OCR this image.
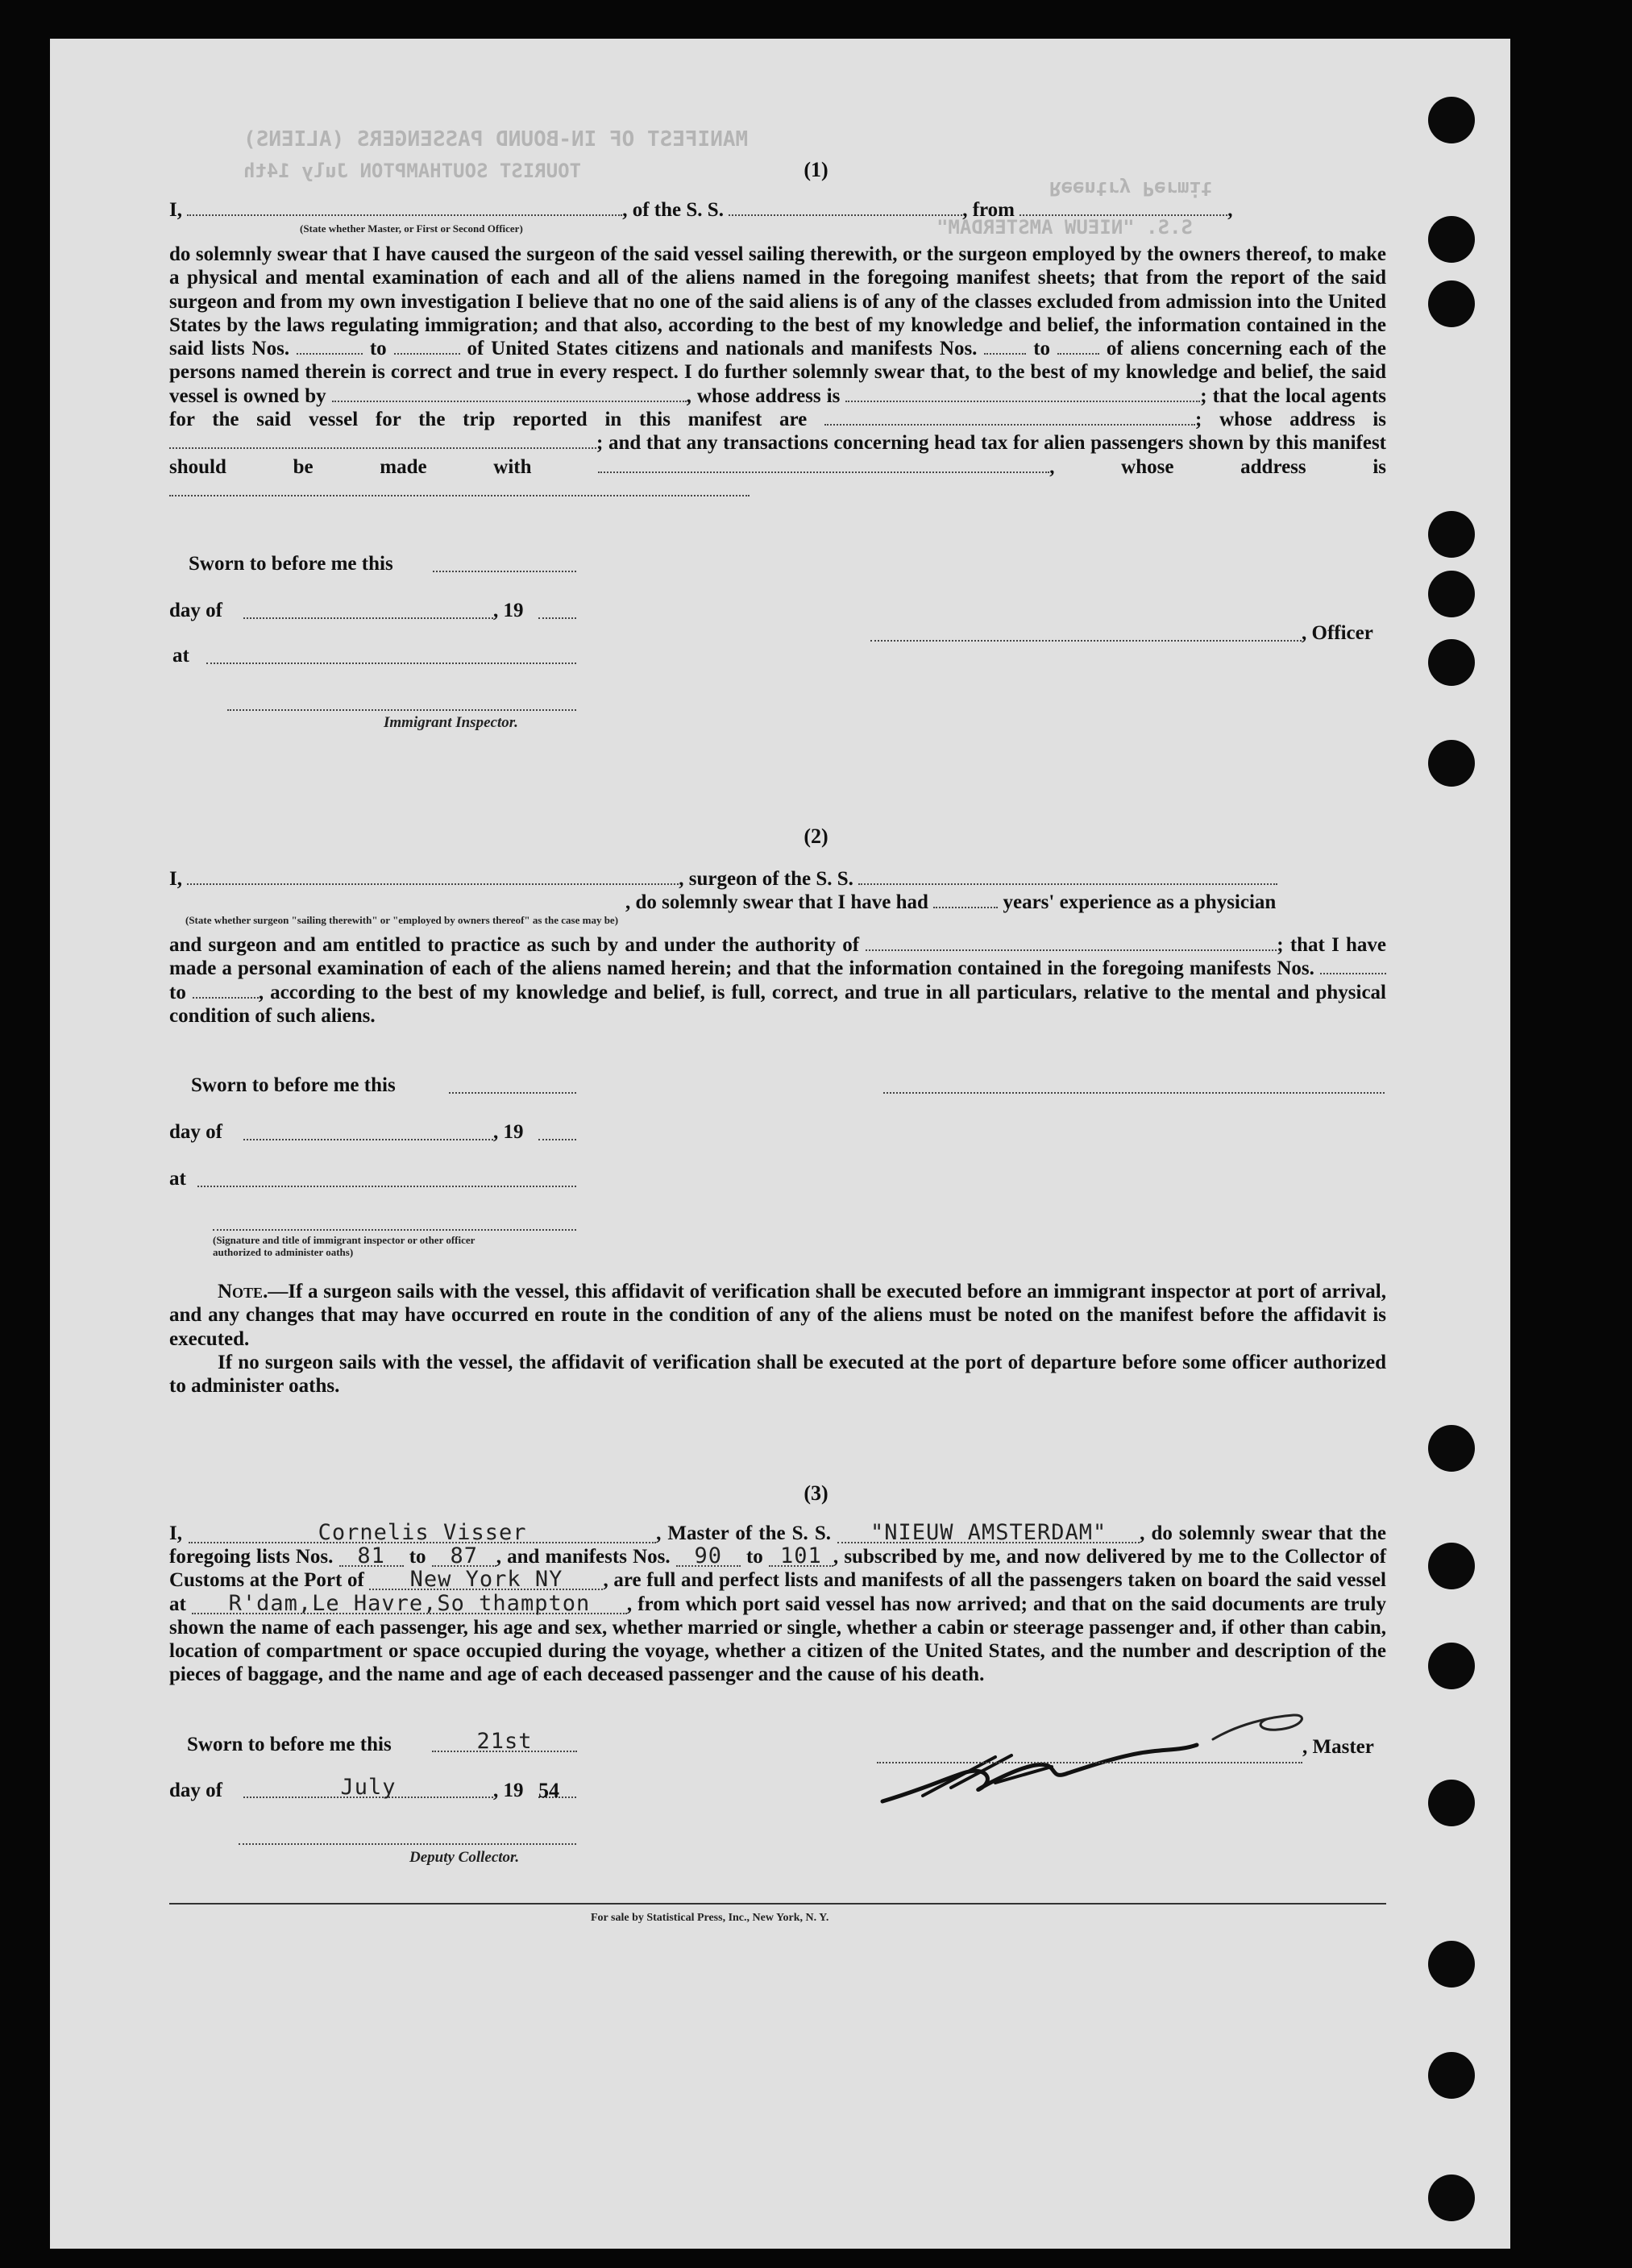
MANIFEST OF IN-BOUND PASSENGERS (ALIENS)
TOURIST SOUTHAMPTON July 14th
Reentry Permit
S.S. "NIEUW AMSTERDAM"
(1)
I,	, of the S. S.	, from	,
(State whether Master, or First or Second Officer)
do solemnly swear that I have caused the surgeon of the said vessel sailing therewith, or the surgeon employed by the owners thereof, to make a physical and mental examination of each and all of the aliens named in the foregoing manifest sheets; that from the report of the said surgeon and from my own investigation I believe that no one of the said aliens is of any of the classes excluded from admission into the United States by the laws regulating immigration; and that also, according to the best of my knowledge and belief, the information contained in the said lists Nos.	to	of United States citizens and nationals and manifests Nos.	to	of aliens concerning each of the persons named therein is correct and true in every respect. I do further solemnly swear that, to the best of my knowledge and belief, the said vessel is owned by	, whose address is	; that the local agents for the said vessel for the trip reported in this manifest are	; whose address is ; and that any transactions concerning head tax for alien passengers shown by this manifest should be made with	, whose address is
Sworn to before me this
day of	, 19
at
, Officer
Immigrant Inspector.
(2)
I,	, surgeon of the S. S.
, do solemnly swear that I have had	years' experience as a physician
(State whether surgeon "sailing therewith" or "employed by owners thereof" as the case may be)
and surgeon and am entitled to practice as such by and under the authority of	; that I have made a personal examination of each of the aliens named herein; and that the information contained in the foregoing manifests Nos.  to	, according to the best of my knowledge and belief, is full, correct, and true in all particulars, relative to the mental and physical condition of such aliens.
Sworn to before me this
day of	, 19
at
(Signature and title of immigrant inspector or other officer authorized to administer oaths)
Note.—If a surgeon sails with the vessel, this affidavit of verification shall be executed before an immigrant inspector at port of arrival, and any changes that may have occurred en route in the condition of any of the aliens must be noted on the manifest before the affidavit is executed.
If no surgeon sails with the vessel, the affidavit of verification shall be executed at the port of departure before some officer authorized to administer oaths.
(3)
I,	Cornelis Visser	, Master of the S. S. "NIEUW AMSTERDAM" , do solemnly swear that the foregoing lists Nos. 81 to 87 , and manifests Nos. 90 to 101 , subscribed by me, and now delivered by me to the Collector of Customs at the Port of New York NY , are full and perfect lists and manifests of all the passengers taken on board the said vessel at R'dam,Le Havre,So thampton , from which port said vessel has now arrived; and that on the said documents are truly shown the name of each passenger, his age and sex, whether married or single, whether a cabin or steerage passenger and, if other than cabin, location of compartment or space occupied during the voyage, whether a citizen of the United States, and the number and description of the pieces of baggage, and the name and age of each deceased passenger and the cause of his death.
Sworn to before me this	21st
day of	July	, 19 54
, Master
Deputy Collector.
For sale by Statistical Press, Inc., New York, N. Y.
